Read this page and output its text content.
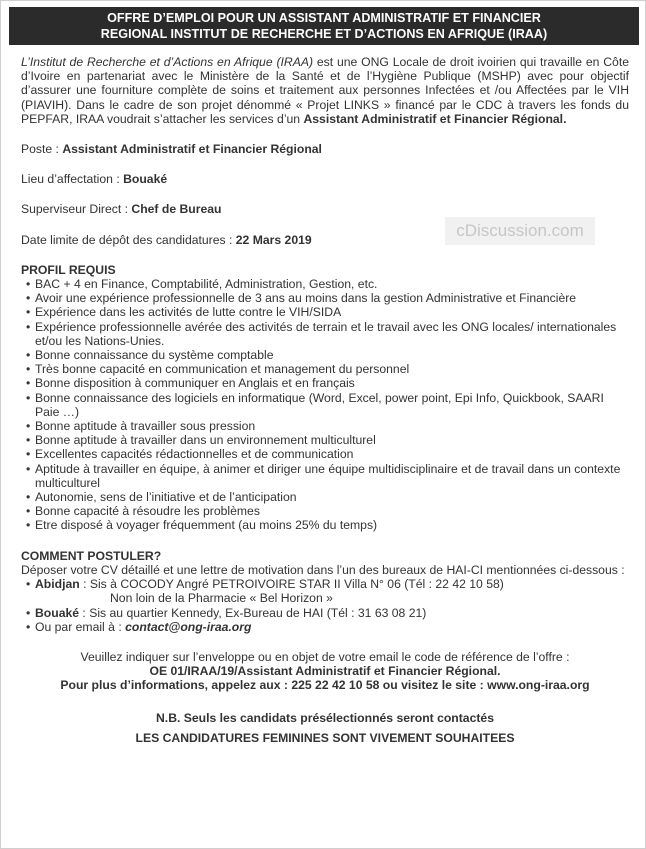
OFFRE D’EMPLOI POUR UN ASSISTANT ADMINISTRATIF ET FINANCIER
REGIONAL INSTITUT DE RECHERCHE ET D’ACTIONS EN AFRIQUE (IRAA)
cDiscussion.com

L’Institut de Recherche et d’Actions en Afrique (IRAA) est une ONG Locale de droit ivoirien qui travaille en Côte d’Ivoire en partenariat avec le Ministère de la Santé et de l’Hygiène Publique (MSHP) avec pour objectif d’assurer une fourniture complète de soins et traitement aux personnes Infectées et /ou Affectées par le VIH (PIAVIH). Dans le cadre de son projet dénommé « Projet LINKS » financé par le CDC à travers les fonds du PEPFAR, IRAA voudrait s’attacher les services d’un Assistant Administratif et Financier Régional.

Poste : Assistant Administratif et Financier Régional

Lieu d’affectation : Bouaké

Superviseur Direct : Chef de Bureau

Date limite de dépôt des candidatures : 22 Mars 2019

PROFIL REQUIS

• BAC + 4 en Finance, Comptabilité, Administration, Gestion, etc.
• Avoir une expérience professionnelle de 3 ans au moins dans la gestion Administrative et Financière
• Expérience dans les activités de lutte contre le VIH/SIDA
• Expérience professionnelle avérée des activités de terrain et le travail avec les ONG locales/ internationales et/ou les Nations-Unies.
• Bonne connaissance du système comptable
• Très bonne capacité en communication et management du personnel
• Bonne disposition à communiquer en Anglais et en français
• Bonne connaissance des logiciels en informatique (Word, Excel, power point, Epi Info, Quickbook, SAARI Paie …)
• Bonne aptitude à travailler sous pression
• Bonne aptitude à travailler dans un environnement multiculturel
• Excellentes capacités rédactionnelles et de communication
• Aptitude à travailler en équipe, à animer et diriger une équipe multidisciplinaire et de travail dans un contexte multiculturel
• Autonomie, sens de l’initiative et de l’anticipation
• Bonne capacité à résoudre les problèmes
• Etre disposé à voyager fréquemment (au moins 25% du temps)

COMMENT POSTULER?

Déposer votre CV détaillé et une lettre de motivation dans l’un des bureaux de HAI-CI mentionnées ci-dessous :

• Abidjan : Sis à COCODY Angré PETROIVOIRE STAR II Villa N° 06 (Tél : 22 42 10 58)
Non loin de la Pharmacie « Bel Horizon »
• Bouaké : Sis au quartier Kennedy, Ex-Bureau de HAI (Tél : 31 63 08 21)
• Ou par email à : contact@ong-iraa.org

Veuillez indiquer sur l’enveloppe ou en objet de votre email le code de référence de l’offre :

OE 01/IRAA/19/Assistant Administratif et Financier Régional.

Pour plus d’informations, appelez aux : 225 22 42 10 58 ou visitez le site : www.ong-iraa.org

N.B. Seuls les candidats présélectionnés seront contactés

LES CANDIDATURES FEMININES SONT VIVEMENT SOUHAITEES
